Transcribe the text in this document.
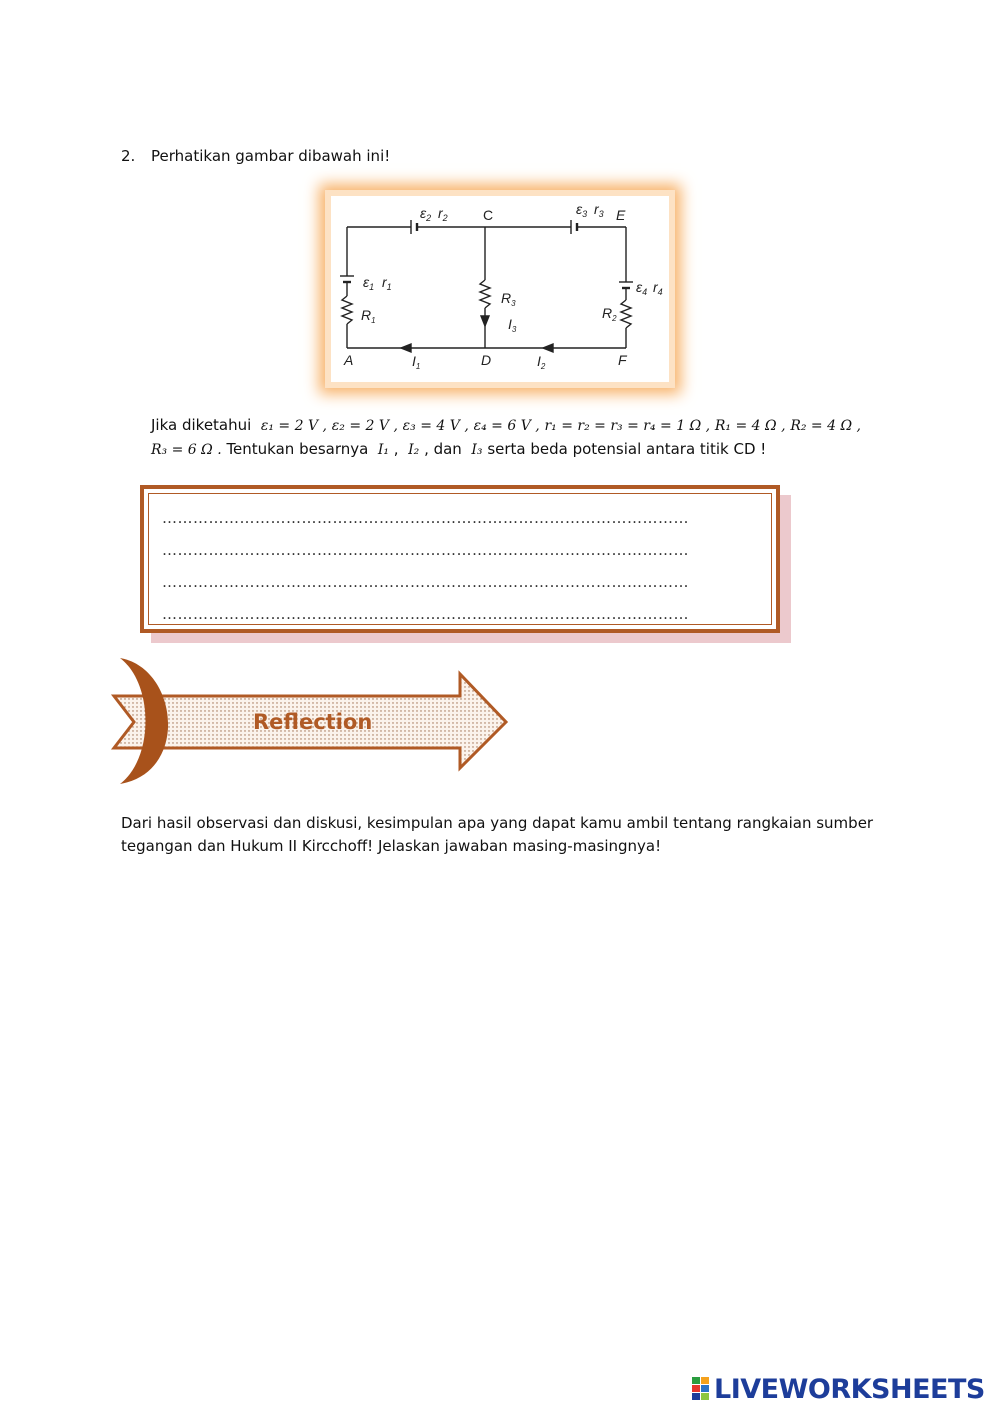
2. Perhatikan gambar dibawah ini!
$\varepsilon_2$ $r_2$	C	$\varepsilon_3$ $r_3$ E
$\varepsilon_1$ $r_1$
$R_1$
$R_3$
$I_3$
$R_2$
$\varepsilon_4$ $r_4$
A	$I_1$	D	$I_2$	F
Jika diketahui ε₁ = 2 V , ε₂ = 2 V , ε₃ = 4 V , ε₄ = 6 V , r₁ = r₂ = r₃ = r₄ = 1 Ω , R₁ = 4 Ω , R₂ = 4 Ω , R₃ = 6 Ω . Tentukan besarnya I₁ , I₂ , dan I₃ serta beda potensial antara titik CD !
…………………………………………………………………………………………
…………………………………………………………………………………………
…………………………………………………………………………………………
…………………………………………………………………………………………
Reflection
Dari hasil observasi dan diskusi, kesimpulan apa yang dapat kamu ambil tentang rangkaian sumber tegangan dan Hukum II Kircchoff! Jelaskan jawaban masing-masingnya!
LIVEWORKSHEETS
